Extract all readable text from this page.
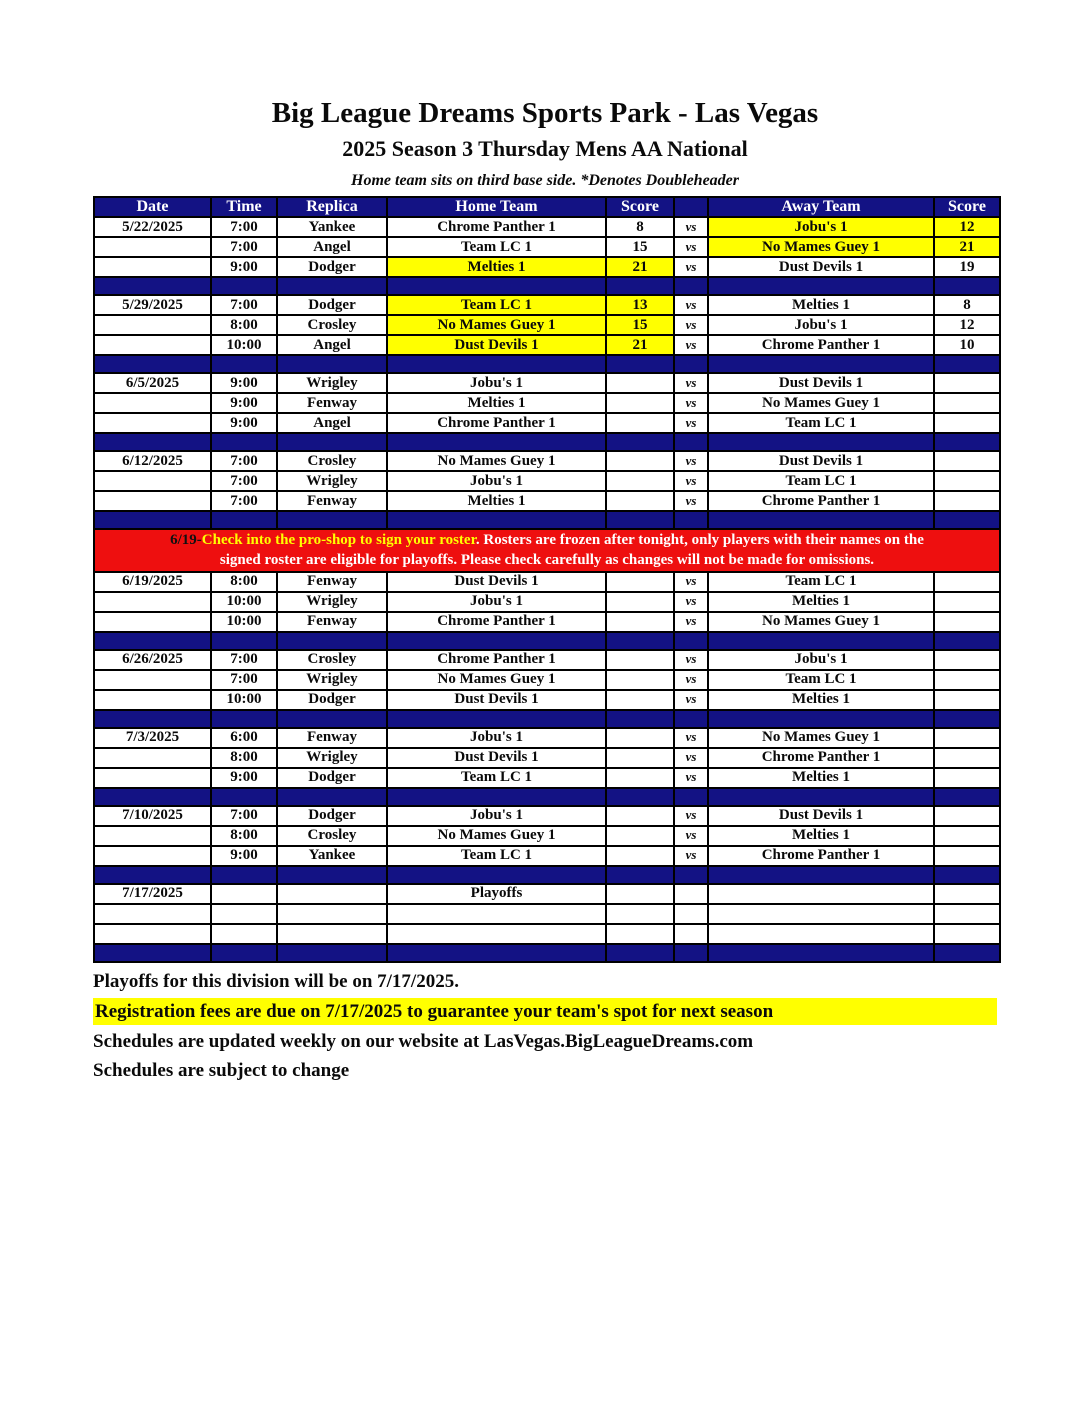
Big League Dreams Sports Park - Las Vegas
2025 Season 3 Thursday Mens AA National
Home team sits on third base side. *Denotes Doubleheader
Date	Time	Replica	Home Team	Score		Away Team	Score
5/22/2025	7:00	Yankee	Chrome Panther 1	8	vs	Jobu's 1	12
	7:00	Angel	Team LC 1	15	vs	No Mames Guey 1	21
	9:00	Dodger	Melties 1	21	vs	Dust Devils 1	19

5/29/2025	7:00	Dodger	Team LC 1	13	vs	Melties 1	8
	8:00	Crosley	No Mames Guey 1	15	vs	Jobu's 1	12
	10:00	Angel	Dust Devils 1	21	vs	Chrome Panther 1	10

6/5/2025	9:00	Wrigley	Jobu's 1		vs	Dust Devils 1	
	9:00	Fenway	Melties 1		vs	No Mames Guey 1	
	9:00	Angel	Chrome Panther 1		vs	Team LC 1	

6/12/2025	7:00	Crosley	No Mames Guey 1		vs	Dust Devils 1	
	7:00	Wrigley	Jobu's 1		vs	Team LC 1	
	7:00	Fenway	Melties 1		vs	Chrome Panther 1	

6/19-Check into the pro-shop to sign your roster. Rosters are frozen after tonight, only players with their names on the
signed roster are eligible for playoffs. Please check carefully as changes will not be made for omissions.							

6/19/2025	8:00	Fenway	Dust Devils 1		vs	Team LC 1	
	10:00	Wrigley	Jobu's 1		vs	Melties 1	
	10:00	Fenway	Chrome Panther 1		vs	No Mames Guey 1	

6/26/2025	7:00	Crosley	Chrome Panther 1		vs	Jobu's 1	
	7:00	Wrigley	No Mames Guey 1		vs	Team LC 1	
	10:00	Dodger	Dust Devils 1		vs	Melties 1	

7/3/2025	6:00	Fenway	Jobu's 1		vs	No Mames Guey 1	
	8:00	Wrigley	Dust Devils 1		vs	Chrome Panther 1	
	9:00	Dodger	Team LC 1		vs	Melties 1	

7/10/2025	7:00	Dodger	Jobu's 1		vs	Dust Devils 1	
	8:00	Crosley	No Mames Guey 1		vs	Melties 1	
	9:00	Yankee	Team LC 1		vs	Chrome Panther 1	

7/17/2025			Playoffs				

Playoffs for this division will be on 7/17/2025.
Registration fees are due on 7/17/2025 to guarantee your team's spot for next season
Schedules are updated weekly on our website at LasVegas.BigLeagueDreams.com
Schedules are subject to change
